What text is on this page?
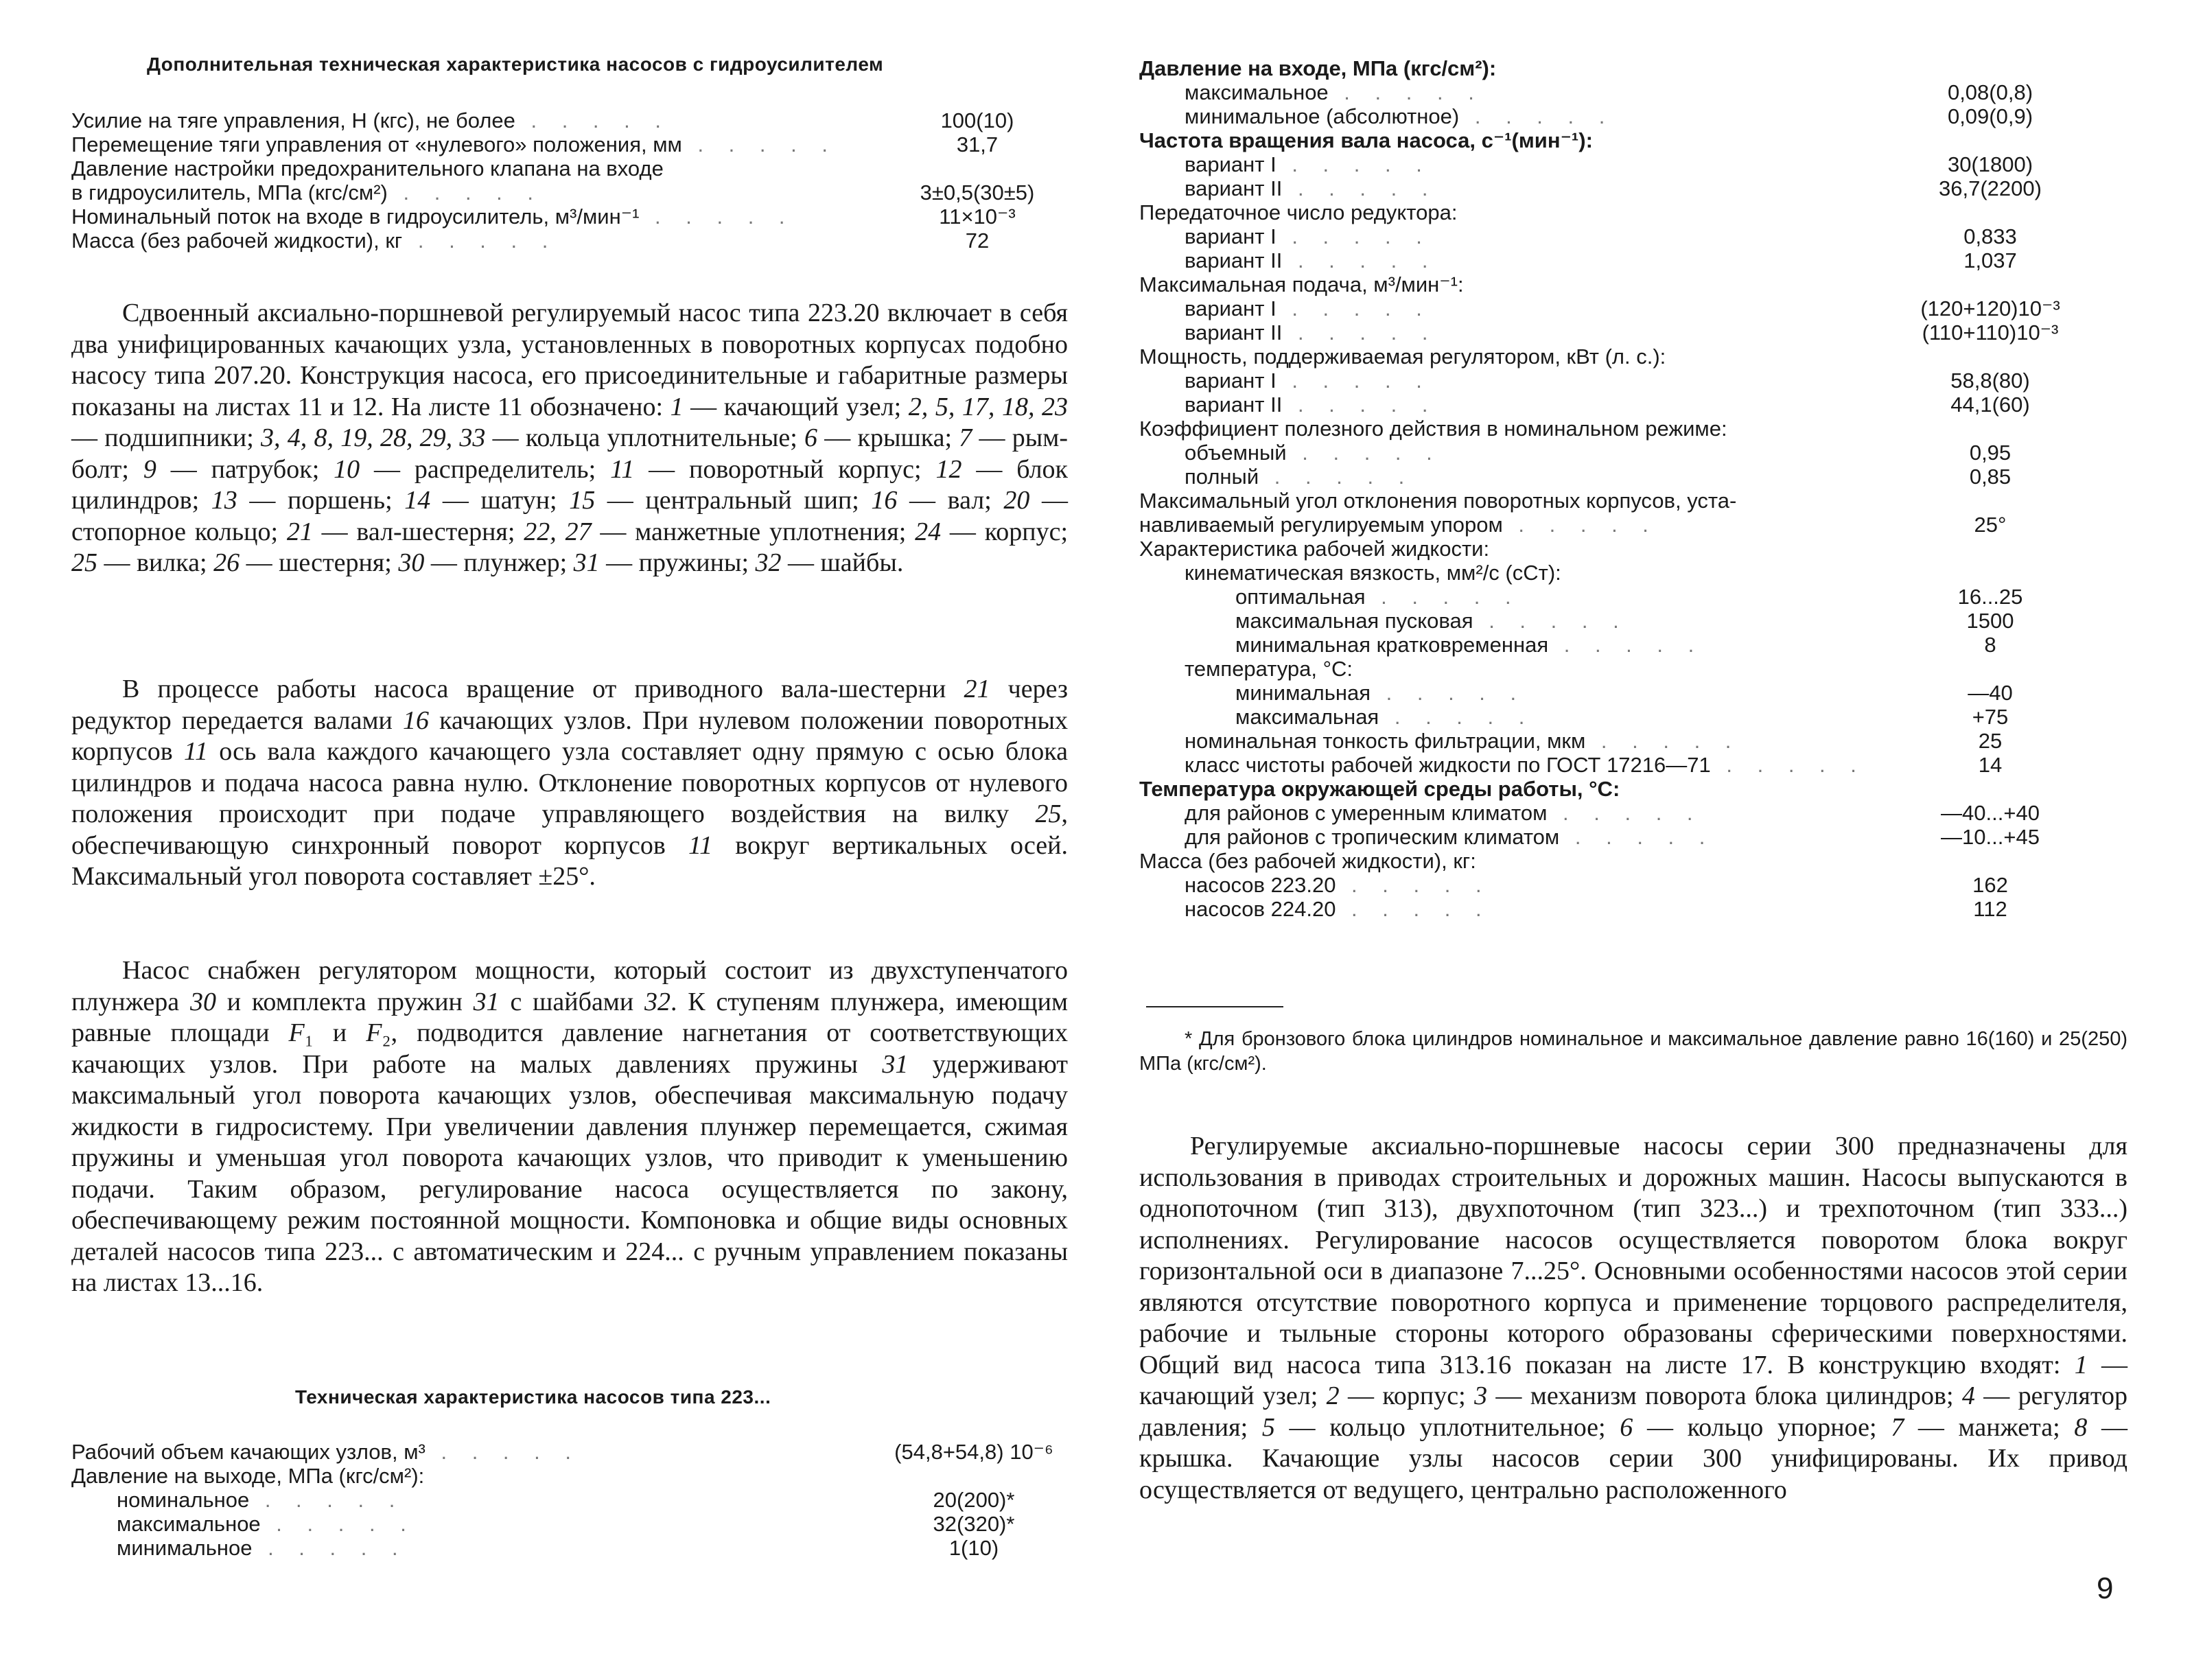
Дополнительная техническая характеристика насосов с гидроусилителем
Усилие на тяге управления, Н (кгс), не более . . . . .	100(10)
Перемещение тяги управления от «нулевого» положения, мм . . . . .	31,7
Давление настройки предохранительного клапана на входе
в гидроусилитель, МПа (кгс/см²) . . . . .	3±0,5(30±5)
Номинальный поток на входе в гидроусилитель, м³/мин⁻¹ . . . . .	11×10⁻³
Масса (без рабочей жидкости), кг . . . . .	72

Сдвоенный аксиально-поршневой регулируемый насос типа 223.20 включает в себя два унифицированных качающих узла, установленных в поворотных корпусах подобно насосу типа 207.20. Конструкция насоса, его присоединительные и габаритные размеры показаны на листах 11 и 12. На листе 11 обозначено: 1 — качающий узел; 2, 5, 17, 18, 23 — подшипники; 3, 4, 8, 19, 28, 29, 33 — кольца уплотнительные; 6 — крышка; 7 — рым-болт; 9 — патрубок; 10 — распределитель; 11 — поворотный корпус; 12 — блок цилиндров; 13 — поршень; 14 — шатун; 15 — центральный шип; 16 — вал; 20 — стопорное кольцо; 21 — вал-шестерня; 22, 27 — манжетные уплотнения; 24 — корпус; 25 — вилка; 26 — шестерня; 30 — плунжер; 31 — пружины; 32 — шайбы.

В процессе работы насоса вращение от приводного вала-шестерни 21 через редуктор передается валами 16 качающих узлов. При нулевом положении поворотных корпусов 11 ось вала каждого качающего узла составляет одну прямую с осью блока цилиндров и подача насоса равна нулю. Отклонение поворотных корпусов от нулевого положения происходит при подаче управляющего воздействия на вилку 25, обеспечивающую синхронный поворот корпусов 11 вокруг вертикальных осей. Максимальный угол поворота составляет ±25°.

Насос снабжен регулятором мощности, который состоит из двухступенчатого плунжера 30 и комплекта пружин 31 с шайбами 32. К ступеням плунжера, имеющим равные площади F₁ и F₂, подводится давление нагнетания от соответствующих качающих узлов. При работе на малых давлениях пружины 31 удерживают максимальный угол поворота качающих узлов, обеспечивая максимальную подачу жидкости в гидросистему. При увеличении давления плунжер перемещается, сжимая пружины и уменьшая угол поворота качающих узлов, что приводит к уменьшению подачи. Таким образом, регулирование насоса осуществляется по закону, обеспечивающему режим постоянной мощности. Компоновка и общие виды основных деталей насосов типа 223... с автоматическим и 224... с ручным управлением показаны на листах 13...16.

Техническая характеристика насосов типа 223...
Рабочий объем качающих узлов, м³ . . . . .	(54,8+54,8) 10⁻⁶
Давление на выходе, МПа (кгс/см²):
номинальное . . . . .	20(200)*
максимальное . . . . .	32(320)*
минимальное . . . . .	1(10)
Давление на входе, МПа (кгс/см²):
максимальное . . . . .	0,08(0,8)
минимальное (абсолютное) . . . . .	0,09(0,9)
Частота вращения вала насоса, с⁻¹(мин⁻¹):
вариант I . . . . .	30(1800)
вариант II . . . . .	36,7(2200)
Передаточное число редуктора:
вариант I . . . . .	0,833
вариант II . . . . .	1,037
Максимальная подача, м³/мин⁻¹:
вариант I . . . . .	(120+120)10⁻³
вариант II . . . . .	(110+110)10⁻³
Мощность, поддерживаемая регулятором, кВт (л. с.):
вариант I . . . . .	58,8(80)
вариант II . . . . .	44,1(60)
Коэффициент полезного действия в номинальном режиме:
объемный . . . . .	0,95
полный . . . . .	0,85
Максимальный угол отклонения поворотных корпусов, уста-
навливаемый регулируемым упором . . . . .	25°
Характеристика рабочей жидкости:
кинематическая вязкость, мм²/с (сСт):
оптимальная . . . . .	16...25
максимальная пусковая . . . . .	1500
минимальная кратковременная . . . . .	8
температура, °С:
минимальная . . . . .	—40
максимальная . . . . .	+75
номинальная тонкость фильтрации, мкм . . . . .	25
класс чистоты рабочей жидкости по ГОСТ 17216—71 . . . . .	14
Температура окружающей среды работы, °С:
для районов с умеренным климатом . . . . .	—40...+40
для районов с тропическим климатом . . . . .	—10...+45
Масса (без рабочей жидкости), кг:
насосов 223.20 . . . . .	162
насосов 224.20 . . . . .	112

* Для бронзового блока цилиндров номинальное и максимальное давление равно 16(160) и 25(250) МПа (кгс/см²).

Регулируемые аксиально-поршневые насосы серии 300 предназначены для использования в приводах строительных и дорожных машин. Насосы выпускаются в однопоточном (тип 313), двухпоточном (тип 323...) и трехпоточном (тип 333...) исполнениях. Регулирование насосов осуществляется поворотом блока вокруг горизонтальной оси в диапазоне 7...25°. Основными особенностями насосов этой серии являются отсутствие поворотного корпуса и применение торцового распределителя, рабочие и тыльные стороны которого образованы сферическими поверхностями. Общий вид насоса типа 313.16 показан на листе 17. В конструкцию входят: 1 — качающий узел; 2 — корпус; 3 — механизм поворота блока цилиндров; 4 — регулятор давления; 5 — кольцо уплотнительное; 6 — кольцо упорное; 7 — манжета; 8 — крышка. Качающие узлы насосов серии 300 унифицированы. Их привод осуществляется от ведущего, центрально расположенного

9
